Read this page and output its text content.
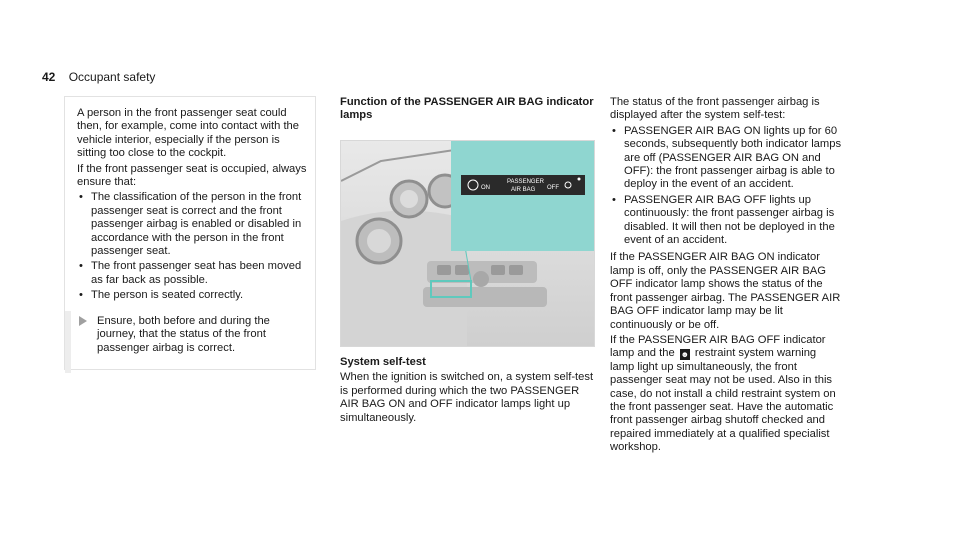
42 Occupant safety

A person in the front passenger seat could then, for example, come into contact with the vehicle interior, especially if the person is sitting too close to the cockpit.

If the front passenger seat is occupied, always ensure that:

• The classification of the person in the front passenger seat is correct and the front passenger airbag is enabled or disabled in accordance with the person in the front passenger seat.
• The front passenger seat has been moved as far back as possible.
• The person is seated correctly.
Ensure, both before and during the journey, that the status of the front passenger airbag is correct.

Function of the PASSENGER AIR BAG indicator lamps

ON
PASSENGER
AIR BAG OFF

System self-test

When the ignition is switched on, a system self-test is performed during which the two PASSENGER AIR BAG ON and OFF indicator lamps light up simultaneously.

The status of the front passenger airbag is displayed after the system self-test:

• PASSENGER AIR BAG ON lights up for 60 seconds, subsequently both indicator lamps are off (PASSENGER AIR BAG ON and OFF): the front passenger airbag is able to deploy in the event of an accident.
• PASSENGER AIR BAG OFF lights up continuously: the front passenger airbag is disabled. It will then not be deployed in the event of an accident.

If the PASSENGER AIR BAG ON indicator lamp is off, only the PASSENGER AIR BAG OFF indicator lamp shows the status of the front passenger airbag. The PASSENGER AIR BAG OFF indicator lamp may be lit continuously or be off.

If the PASSENGER AIR BAG OFF indicator lamp and the ☻ restraint system warning lamp light up simultaneously, the front passenger seat may not be used. Also in this case, do not install a child restraint system on the front passenger seat. Have the automatic front passenger airbag shutoff checked and repaired immediately at a qualified specialist workshop.
